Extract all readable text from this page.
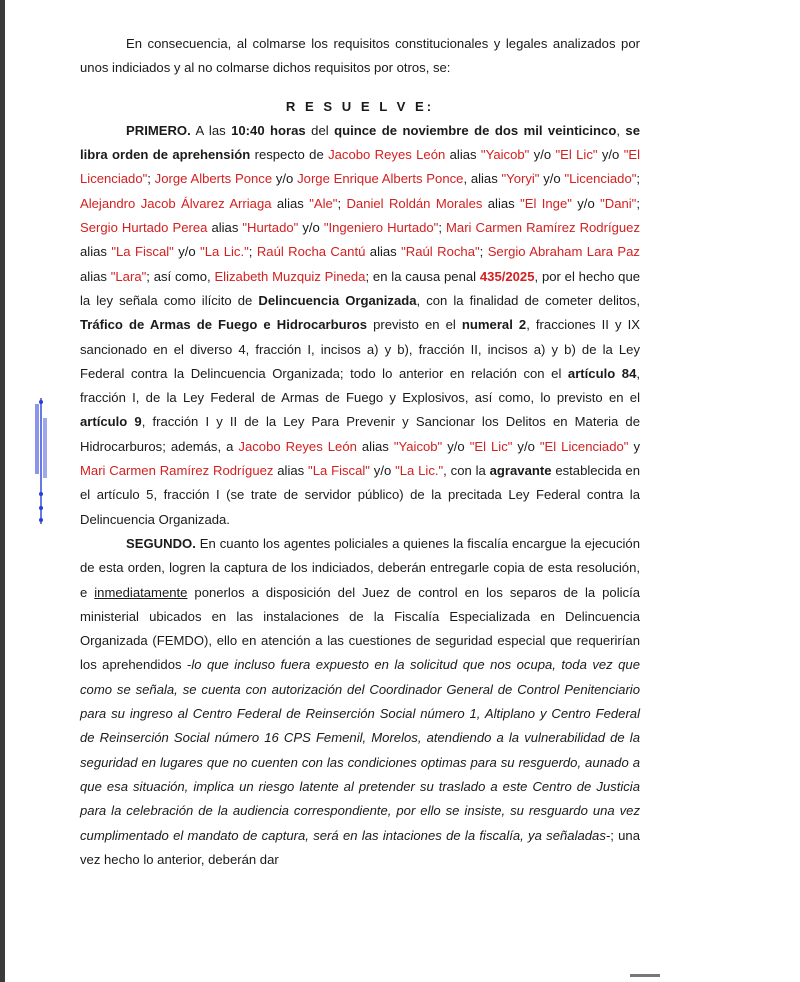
En consecuencia, al colmarse los requisitos constitucionales y legales analizados por unos indiciados y al no colmarse dichos requisitos por otros, se:

R E S U E L V E:

PRIMERO. A las 10:40 horas del quince de noviembre de dos mil veinticinco, se libra orden de aprehensión respecto de Jacobo Reyes León alias "Yaicob" y/o "El Lic" y/o "El Licenciado"; Jorge Alberts Ponce y/o Jorge Enrique Alberts Ponce, alias "Yoryi" y/o "Licenciado"; Alejandro Jacob Álvarez Arriaga alias "Ale"; Daniel Roldán Morales alias "El Inge" y/o "Dani"; Sergio Hurtado Perea alias "Hurtado" y/o "Ingeniero Hurtado"; Mari Carmen Ramírez Rodríguez alias "La Fiscal" y/o "La Lic."; Raúl Rocha Cantú alias "Raúl Rocha"; Sergio Abraham Lara Paz alias "Lara"; así como, Elizabeth Muzquiz Pineda; en la causa penal 435/2025, por el hecho que la ley señala como ilícito de Delincuencia Organizada, con la finalidad de cometer delitos, Tráfico de Armas de Fuego e Hidrocarburos previsto en el numeral 2, fracciones II y IX sancionado en el diverso 4, fracción I, incisos a) y b), fracción II, incisos a) y b) de la Ley Federal contra la Delincuencia Organizada; todo lo anterior en relación con el artículo 84, fracción I, de la Ley Federal de Armas de Fuego y Explosivos, así como, lo previsto en el artículo 9, fracción I y II de la Ley Para Prevenir y Sancionar los Delitos en Materia de Hidrocarburos; además, a Jacobo Reyes León alias "Yaicob" y/o "El Lic" y/o "El Licenciado" y Mari Carmen Ramírez Rodríguez alias "La Fiscal" y/o "La Lic.", con la agravante establecida en el artículo 5, fracción I (se trate de servidor público) de la precitada Ley Federal contra la Delincuencia Organizada.

SEGUNDO. En cuanto los agentes policiales a quienes la fiscalía encargue la ejecución de esta orden, logren la captura de los indiciados, deberán entregarle copia de esta resolución, e inmediatamente ponerlos a disposición del Juez de control en los separos de la policía ministerial ubicados en las instalaciones de la Fiscalía Especializada en Delincuencia Organizada (FEMDO), ello en atención a las cuestiones de seguridad especial que requerirían los aprehendidos -lo que incluso fuera expuesto en la solicitud que nos ocupa, toda vez que como se señala, se cuenta con autorización del Coordinador General de Control Penitenciario para su ingreso al Centro Federal de Reinserción Social número 1, Altiplano y Centro Federal de Reinserción Social número 16 CPS Femenil, Morelos, atendiendo a la vulnerabilidad de la seguridad en lugares que no cuenten con las condiciones optimas para su resguerdo, aunado a que esa situación, implica un riesgo latente al pretender su traslado a este Centro de Justicia para la celebración de la audiencia correspondiente, por ello se insiste, su resguardo una vez cumplimentado el mandato de captura, será en las intaciones de la fiscalía, ya señaladas-; una vez hecho lo anterior, deberán dar
